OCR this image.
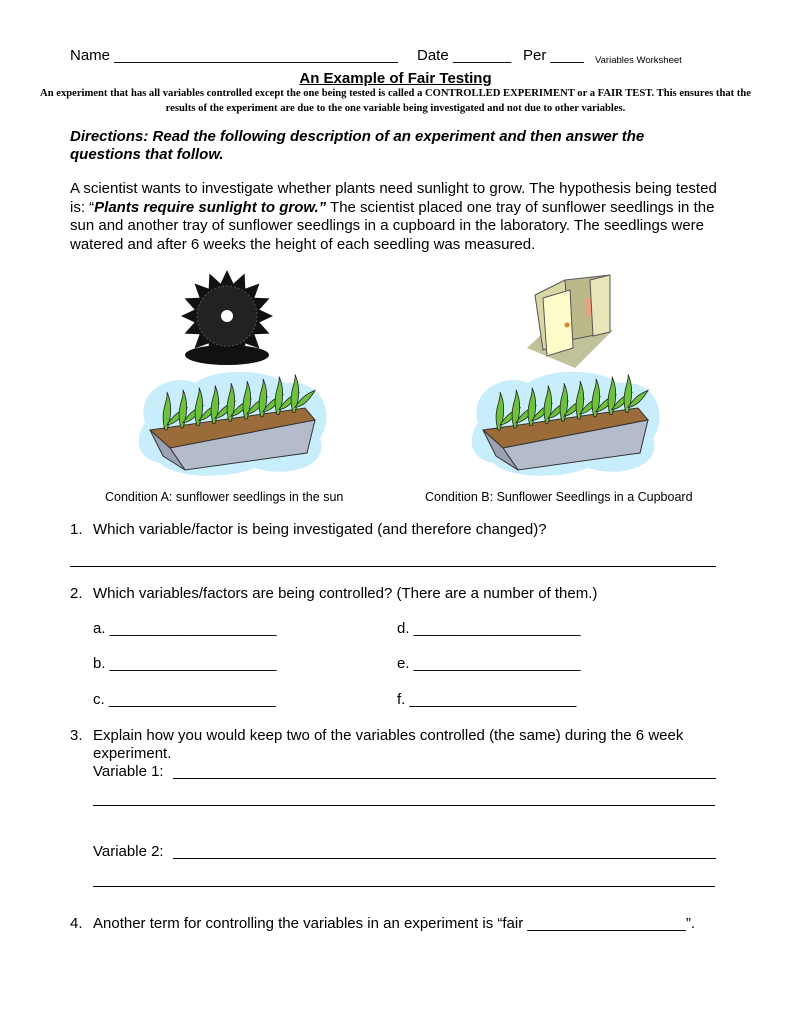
Name __________________________________ Date _______ Per ____ Variables Worksheet
An Example of Fair Testing
An experiment that has all variables controlled except the one being tested is called a CONTROLLED EXPERIMENT or a FAIR TEST. This ensures that the results of the experiment are due to the one variable being investigated and not due to other variables.
Directions: Read the following description of an experiment and then answer the questions that follow.
A scientist wants to investigate whether plants need sunlight to grow. The hypothesis being tested is: “Plants require sunlight to grow.” The scientist placed one tray of sunflower seedlings in the sun and another tray of sunflower seedlings in a cupboard in the laboratory. The seedlings were watered and after 6 weeks the height of each seedling was measured.
Condition A: sunflower seedlings in the sun	Condition B: Sunflower Seedlings in a Cupboard
1. Which variable/factor is being investigated (and therefore changed)?
2. Which variables/factors are being controlled? (There are a number of them.)
a. ____________________	d. ____________________
b. ____________________	e. ____________________
c. ____________________	f. ____________________
3. Explain how you would keep two of the variables controlled (the same) during the 6 week experiment.
Variable 1:
Variable 2:
4. Another term for controlling the variables in an experiment is “fair ___________________”.
